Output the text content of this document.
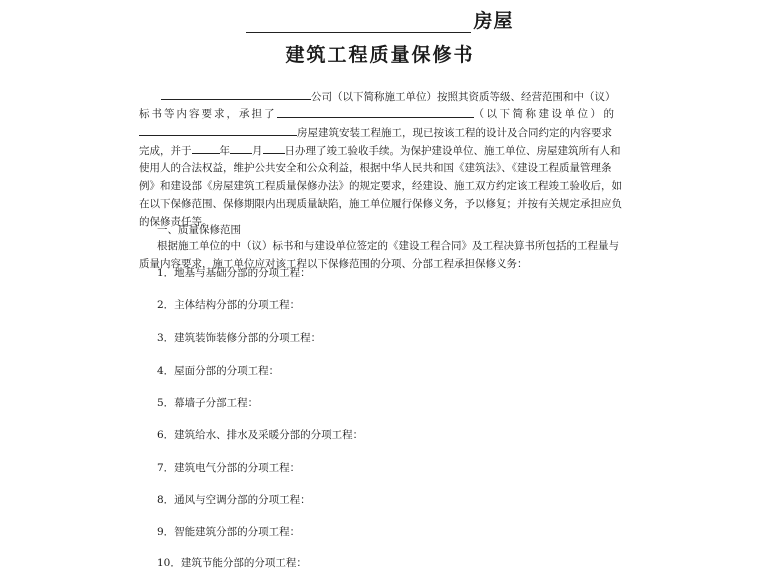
房屋
建筑工程质量保修书
公司（以下简称施工单位）按照其资质等级、经营范围和中（议）
标书等内容要求，承担了	（以下简称建设单位） 的
房屋建筑安装工程施工，现已按该工程的设计及合同约定的内容要求
完成，并于	年 月 日办理了竣工验收手续。为保护建设单位、施工单位、房屋建筑所有人和
使用人的合法权益，维护公共安全和公众利益，根据中华人民共和国《建筑法》、《建设工程质量管理条
例》和建设部《房屋建筑工程质量保修办法》的规定要求，经建设、施工双方约定该工程竣工验收后，如
在以下保修范围、保修期限内出现质量缺陷，施工单位履行保修义务，予以修复；并按有关规定承担应负
的保修责任等。
一、质量保修范围
根据施工单位的中（议）标书和与建设单位签定的《建设工程合同》及工程决算书所包括的工程量与
质量内容要求，施工单位应对该工程以下保修范围的分项、分部工程承担保修义务：
1．地基与基础分部的分项工程：
2．主体结构分部的分项工程：
3．建筑装饰装修分部的分项工程：
4．屋面分部的分项工程：
5．幕墙子分部工程：
6．建筑给水、排水及采暖分部的分项工程：
7．建筑电气分部的分项工程：
8．通风与空调分部的分项工程：
9．智能建筑分部的分项工程：
10．建筑节能分部的分项工程：
